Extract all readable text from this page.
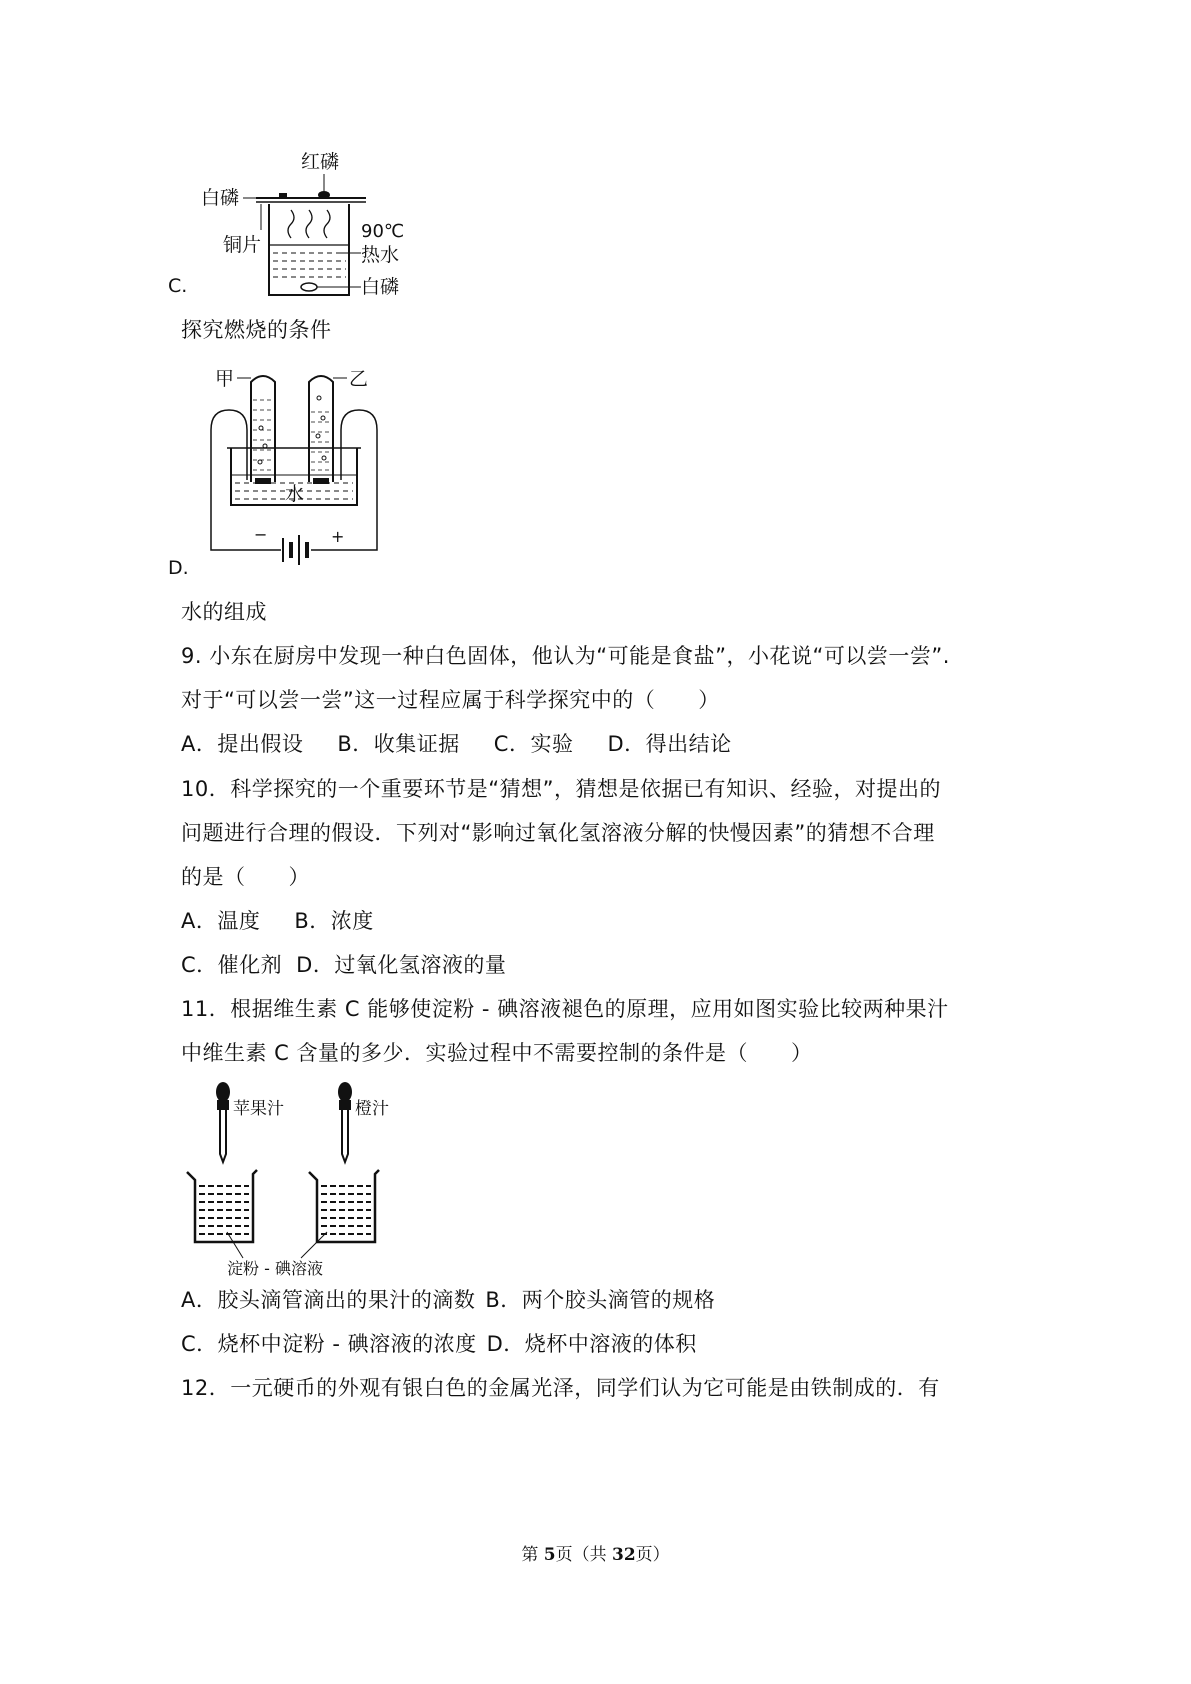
红磷
白磷
铜片
90℃
热水
白磷
C.
探究燃烧的条件
甲	乙
水
−	+
D.
水的组成
9. 小东在厨房中发现一种白色固体，他认为“可能是食盐”，小花说“可以尝一尝”.
对于“可以尝一尝”这一过程应属于科学探究中的（　　）
A．提出假设 B．收集证据 C．实验 D．得出结论
10．科学探究的一个重要环节是“猜想”，猜想是依据已有知识、经验，对提出的
问题进行合理的假设．下列对“影响过氧化氢溶液分解的快慢因素”的猜想不合理
的是（　　）
A．温度 B．浓度
C．催化剂 D．过氧化氢溶液的量
11．根据维生素 C 能够使淀粉 - 碘溶液褪色的原理，应用如图实验比较两种果汁
中维生素 C 含量的多少．实验过程中不需要控制的条件是（　　）
苹果汁	橙汁
淀粉 - 碘溶液
A．胶头滴管滴出的果汁的滴数 B．两个胶头滴管的规格
C．烧杯中淀粉 - 碘溶液的浓度 D．烧杯中溶液的体积
12．一元硬币的外观有银白色的金属光泽，同学们认为它可能是由铁制成的．有
第 5页（共 32页）
